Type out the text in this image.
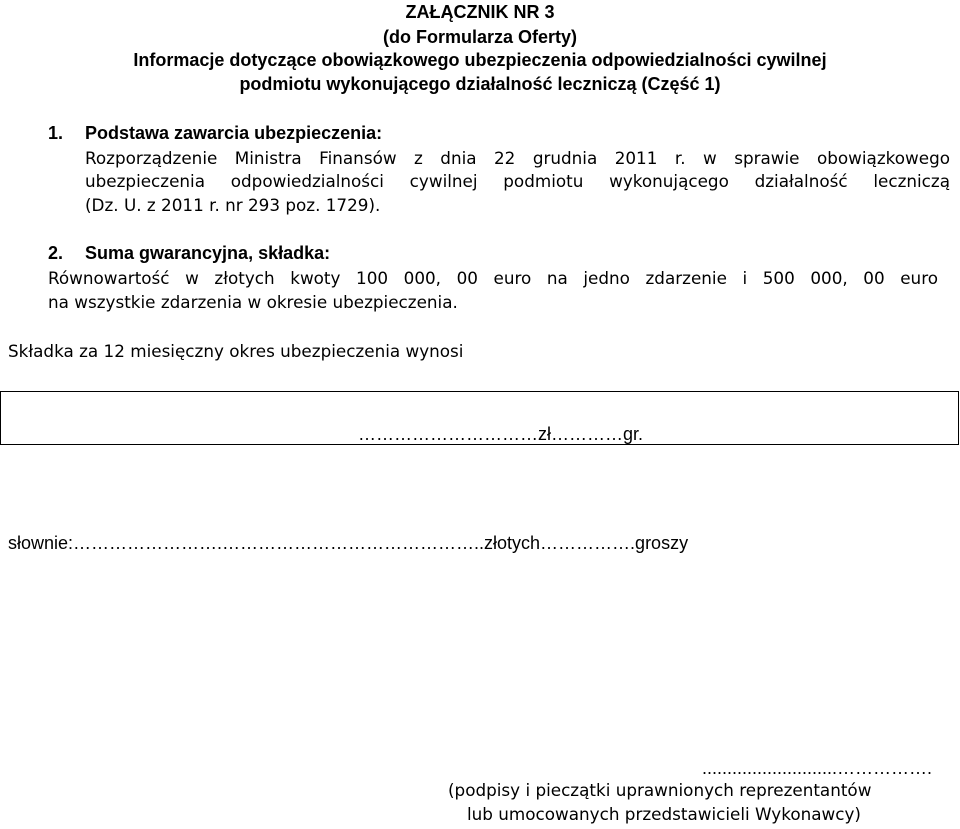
ZAŁĄCZNIK NR 3
(do Formularza Oferty)
Informacje dotyczące obowiązkowego ubezpieczenia odpowiedzialności cywilnej
podmiotu wykonującego działalność leczniczą (Część 1)
1. Podstawa zawarcia ubezpieczenia:
Rozporządzenie Ministra Finansów z dnia 22 grudnia 2011 r. w sprawie obowiązkowego
ubezpieczenia odpowiedzialności cywilnej podmiotu wykonującego działalność leczniczą
(Dz. U. z 2011 r. nr 293 poz. 1729).
2. Suma gwarancyjna, składka:
Równowartość w złotych kwoty 100 000, 00 euro na jedno zdarzenie i 500 000, 00 euro
na wszystkie zdarzenia w okresie ubezpieczenia.
Składka za 12 miesięczny okres ubezpieczenia wynosi
…………………………zł…………gr.
słownie:…………………….……………………………………..złotych…………….groszy
...........................…………….
(podpisy i pieczątki uprawnionych reprezentantów
lub umocowanych przedstawicieli Wykonawcy)
